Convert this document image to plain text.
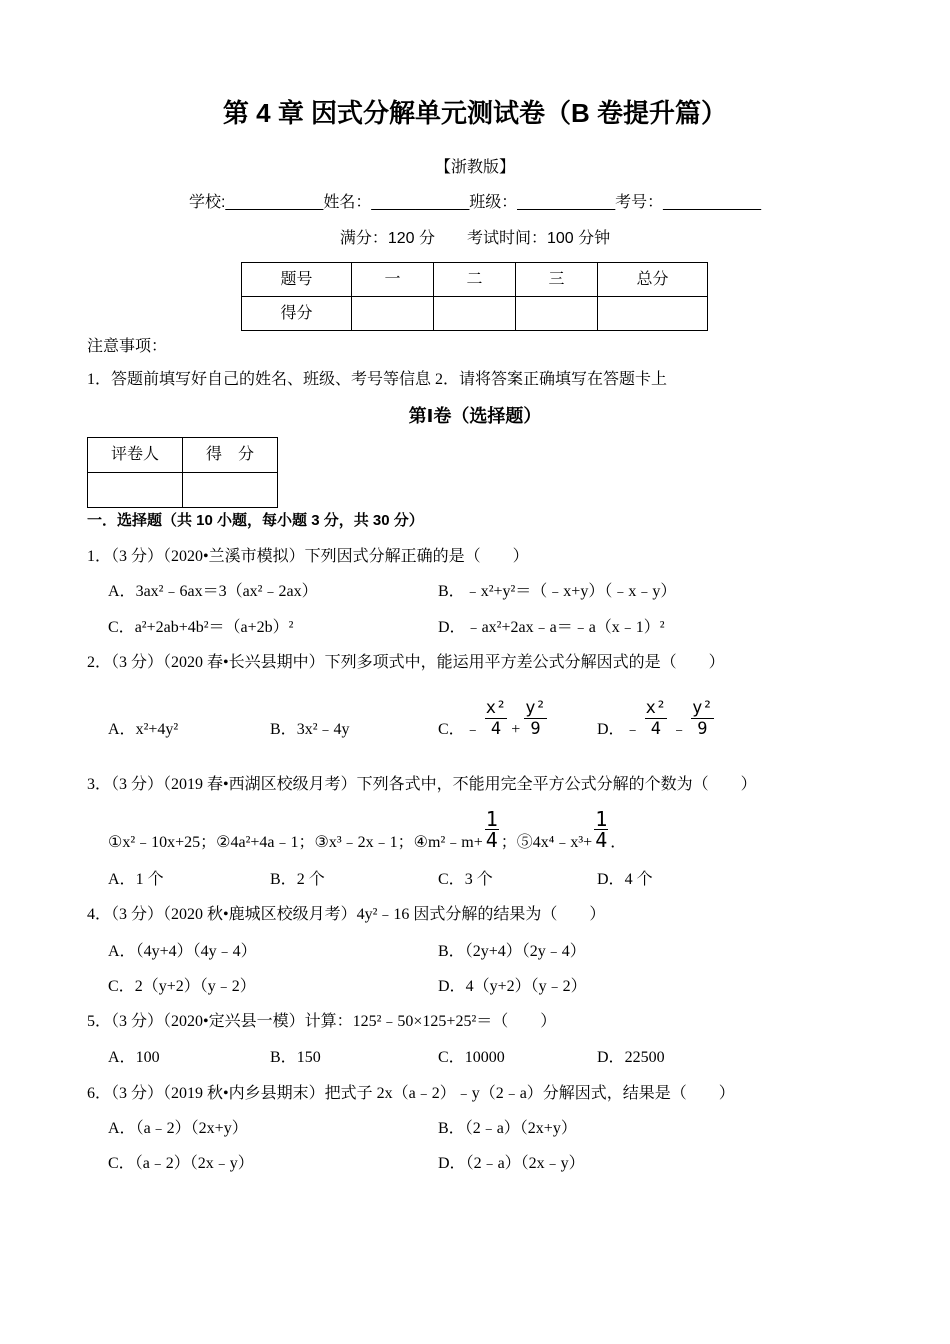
第 4 章 因式分解单元测试卷（B 卷提升篇）
【浙教版】
学校:___________姓名：___________班级：___________考号：___________
满分：120 分　　考试时间：100 分钟
题号	一	二	三	总分
得分				
注意事项：
1．答题前填写好自己的姓名、班级、考号等信息 2．请将答案正确填写在答题卡上
第Ⅰ卷（选择题）
评卷人	得　分

一．选择题（共 10 小题，每小题 3 分，共 30 分）
1．（3 分）（2020•兰溪市模拟）下列因式分解正确的是（　　）
A．3ax²﹣6ax＝3（ax²﹣2ax）	B．﹣x²+y²＝（﹣x+y）（﹣x﹣y）
C．a²+2ab+4b²＝（a+2b）²	D．﹣ax²+2ax﹣a＝﹣a（x﹣1）²
2．（3 分）（2020 春•长兴县期中）下列多项式中，能运用平方差公式分解因式的是（　　）
A．x²+4y²	B．3x²﹣4y	C．﹣ $\frac{\text{x²}}{4} + \frac{\text{y²}}{9}$	D．﹣ $\frac{\text{x²}}{4}$ ﹣ $\frac{\text{y²}}{9}$
3．（3 分）（2019 春•西湖区校级月考）下列各式中，不能用完全平方公式分解的个数为（　　）
①x²﹣10x+25；②4a²+4a﹣1；③x³﹣2x﹣1；④m²﹣m+ $\frac{1}{4}$ ；⑤4x⁴﹣x³+ $\frac{1}{4}$ ．
A．1 个	B．2 个	C．3 个	D．4 个
4．（3 分）（2020 秋•鹿城区校级月考）4y²﹣16 因式分解的结果为（　　）
A．（4y+4）（4y﹣4）	B．（2y+4）（2y﹣4）
C．2（y+2）（y﹣2）	D．4（y+2）（y﹣2）
5．（3 分）（2020•定兴县一模）计算：125²﹣50×125+25²＝（　　）
A．100	B．150	C．10000	D．22500
6．（3 分）（2019 秋•内乡县期末）把式子 2x（a﹣2）﹣y（2﹣a）分解因式，结果是（　　）
A．（a﹣2）（2x+y）	B．（2﹣a）（2x+y）
C．（a﹣2）（2x﹣y）	D．（2﹣a）（2x﹣y）
